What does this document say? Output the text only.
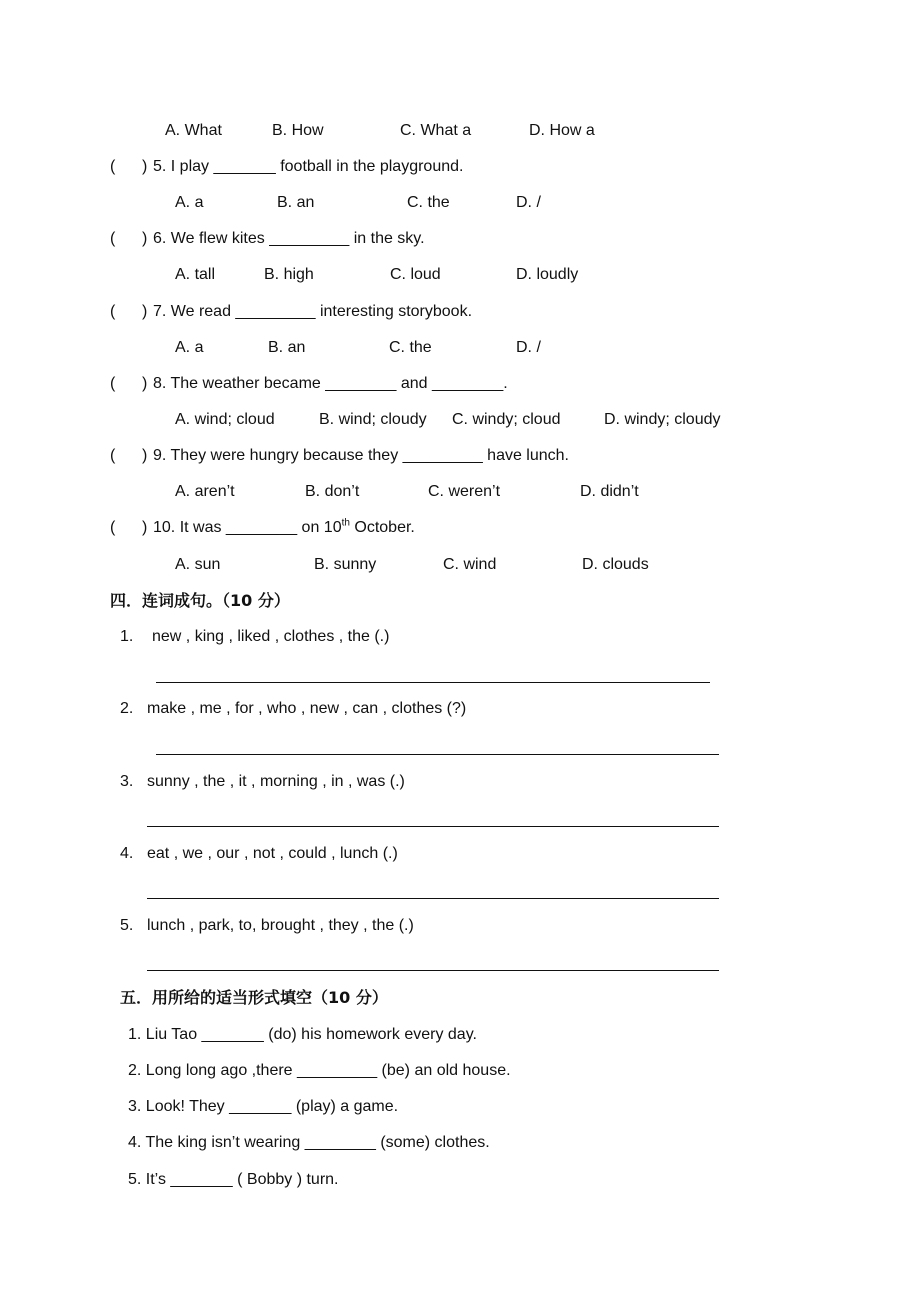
A. What	B. How	C. What a	D. How a
( ) 5. I play _______ football in the playground.
A. a	B. an	C. the	D. /
( ) 6. We flew kites _________ in the sky.
A. tall	B. high	C. loud	D. loudly
( ) 7. We read _________ interesting storybook.
A. a	B. an	C. the	D. /
( ) 8. The weather became ________ and ________.
A. wind; cloud	B. wind; cloudy C. windy; cloud	D. windy; cloudy
( ) 9. They were hungry because they _________ have lunch.
A. aren’t	B. don’t	C. weren’t	D. didn’t
( ) 10. It was ________ on 10th October.
A. sun	B. sunny	C. wind	D. clouds
四．连词成句。（10 分）
1. new , king , liked , clothes , the (.)
2. make , me , for , who , new , can , clothes (?)
3. sunny , the , it , morning , in , was (.)
4. eat , we , our , not , could , lunch (.)
5. lunch , park, to, brought , they , the (.)
五．用所给的适当形式填空（10 分）
1. Liu Tao _______ (do) his homework every day.
2. Long long ago ,there _________ (be) an old house.
3. Look! They _______ (play) a game.
4. The king isn’t wearing ________ (some) clothes.
5. It’s _______ ( Bobby ) turn.
